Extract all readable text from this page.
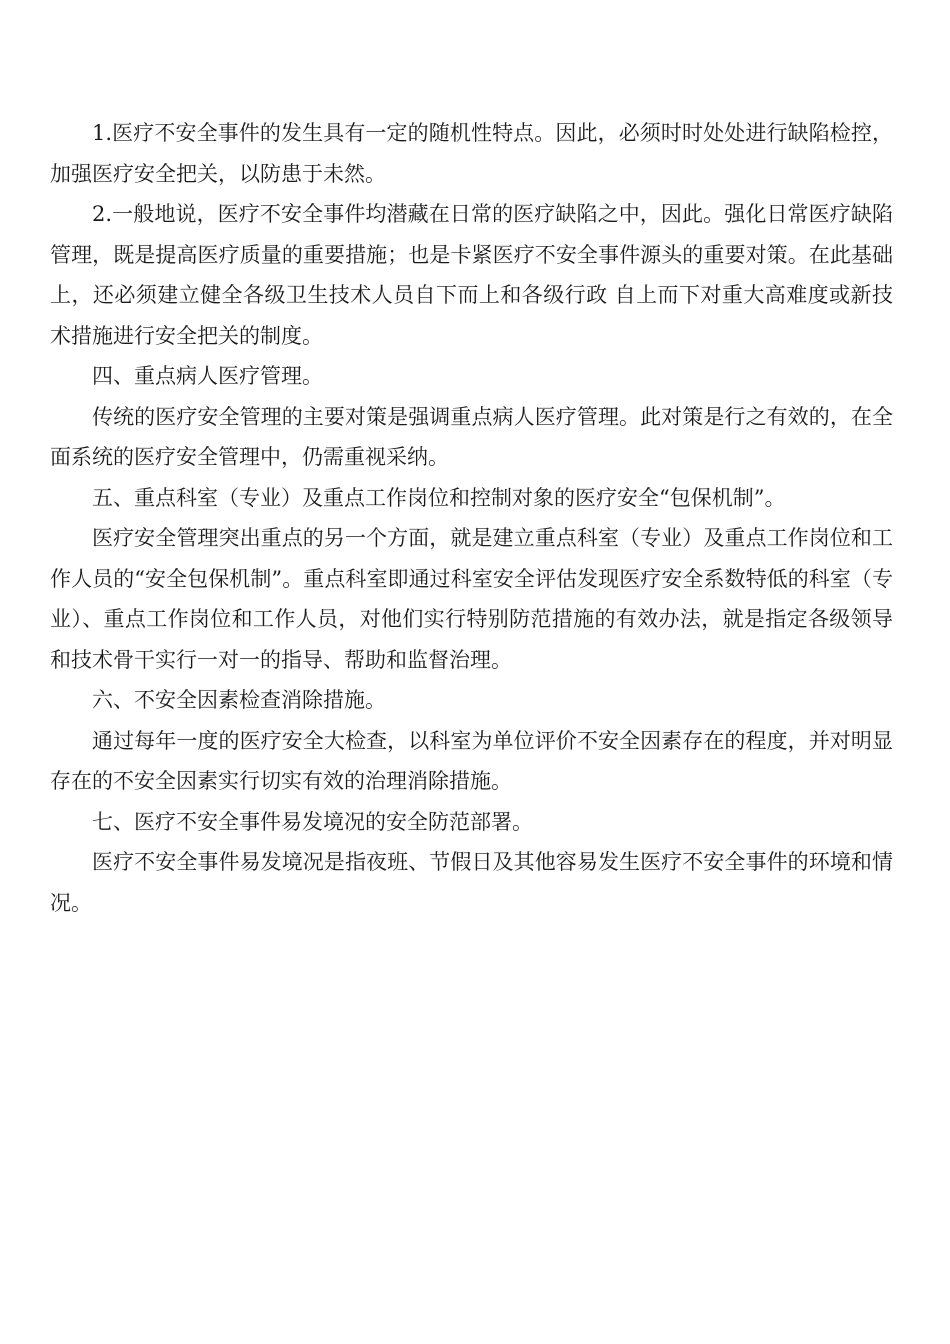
1.医疗不安全事件的发生具有一定的随机性特点。因此，必须时时处处进行缺陷检控，加强医疗安全把关，以防患于未然。

2.一般地说，医疗不安全事件均潜藏在日常的医疗缺陷之中，因此。强化日常医疗缺陷管理，既是提高医疗质量的重要措施；也是卡紧医疗不安全事件源头的重要对策。在此基础上，还必须建立健全各级卫生技术人员自下而上和各级行政 自上而下对重大高难度或新技术措施进行安全把关的制度。

四、重点病人医疗管理。

传统的医疗安全管理的主要对策是强调重点病人医疗管理。此对策是行之有效的，在全面系统的医疗安全管理中，仍需重视采纳。

五、重点科室（专业）及重点工作岗位和控制对象的医疗安全“包保机制”。

医疗安全管理突出重点的另一个方面，就是建立重点科室（专业）及重点工作岗位和工作人员的“安全包保机制”。重点科室即通过科室安全评估发现医疗安全系数特低的科室（专业）、重点工作岗位和工作人员，对他们实行特别防范措施的有效办法，就是指定各级领导和技术骨干实行一对一的指导、帮助和监督治理。

六、不安全因素检查消除措施。

通过每年一度的医疗安全大检查，以科室为单位评价不安全因素存在的程度，并对明显存在的不安全因素实行切实有效的治理消除措施。

七、医疗不安全事件易发境况的安全防范部署。

医疗不安全事件易发境况是指夜班、节假日及其他容易发生医疗不安全事件的环境和情况。
